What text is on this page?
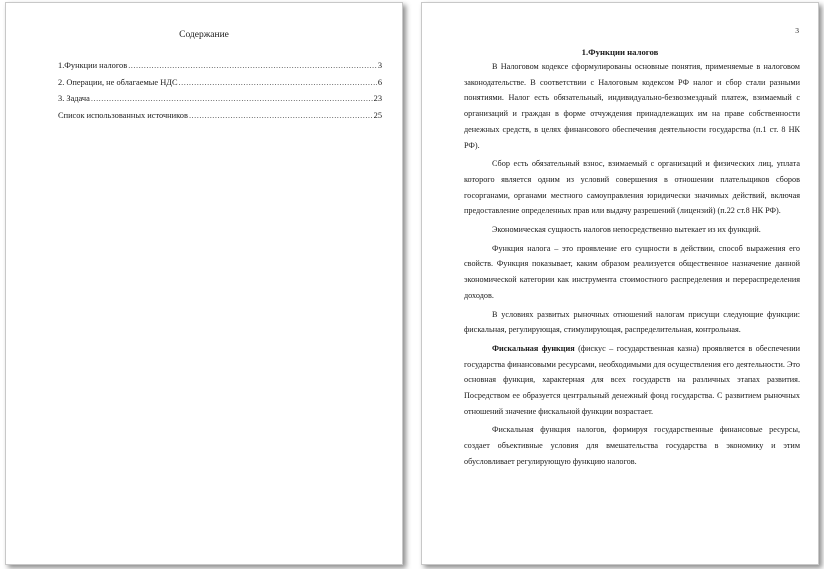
Содержание
1.Функции налогов .....	3
2. Операции, не облагаемые НДС .....	6
3. Задача .....	23
Список использованных источников .....	25
3
1.Функции налогов

В Налоговом кодексе сформулированы основные понятия, применяемые в налоговом законодательстве. В соответствии с Налоговым кодексом РФ налог и сбор стали разными понятиями. Налог есть обязательный, индивидуально-безвозмездный платеж, взимаемый с организаций и граждан в форме отчуждения принадлежащих им на праве собственности денежных средств, в целях финансового обеспечения деятельности государства (п.1 ст. 8 НК РФ).

Сбор есть обязательный взнос, взимаемый с организаций и физических лиц, уплата которого является одним из условий совершения в отношении плательщиков сборов госорганами, органами местного самоуправления юридически значимых действий, включая предоставление определенных прав или выдачу разрешений (лицензий) (п.22 ст.8 НК РФ).

Экономическая сущность налогов непосредственно вытекает из их функций.

Функция налога – это проявление его сущности в действии, способ выражения его свойств. Функция показывает, каким образом реализуется общественное назначение данной экономической категории как инструмента стоимостного распределения и перераспределения доходов.

В условиях развитых рыночных отношений налогам присущи следующие функции: фискальная, регулирующая, стимулирующая, распределительная, контрольная.

Фискальная функция (фискус – государственная казна) проявляется в обеспечении государства финансовыми ресурсами, необходимыми для осуществления его деятельности. Это основная функция, характерная для всех государств на различных этапах развития. Посредством ее образуется центральный денежный фонд государства. С развитием рыночных отношений значение фискальной функции возрастает.

Фискальная функция налогов, формируя государственные финансовые ресурсы, создает объективные условия для вмешательства государства в экономику и этим обусловливает регулирующую функцию налогов.
